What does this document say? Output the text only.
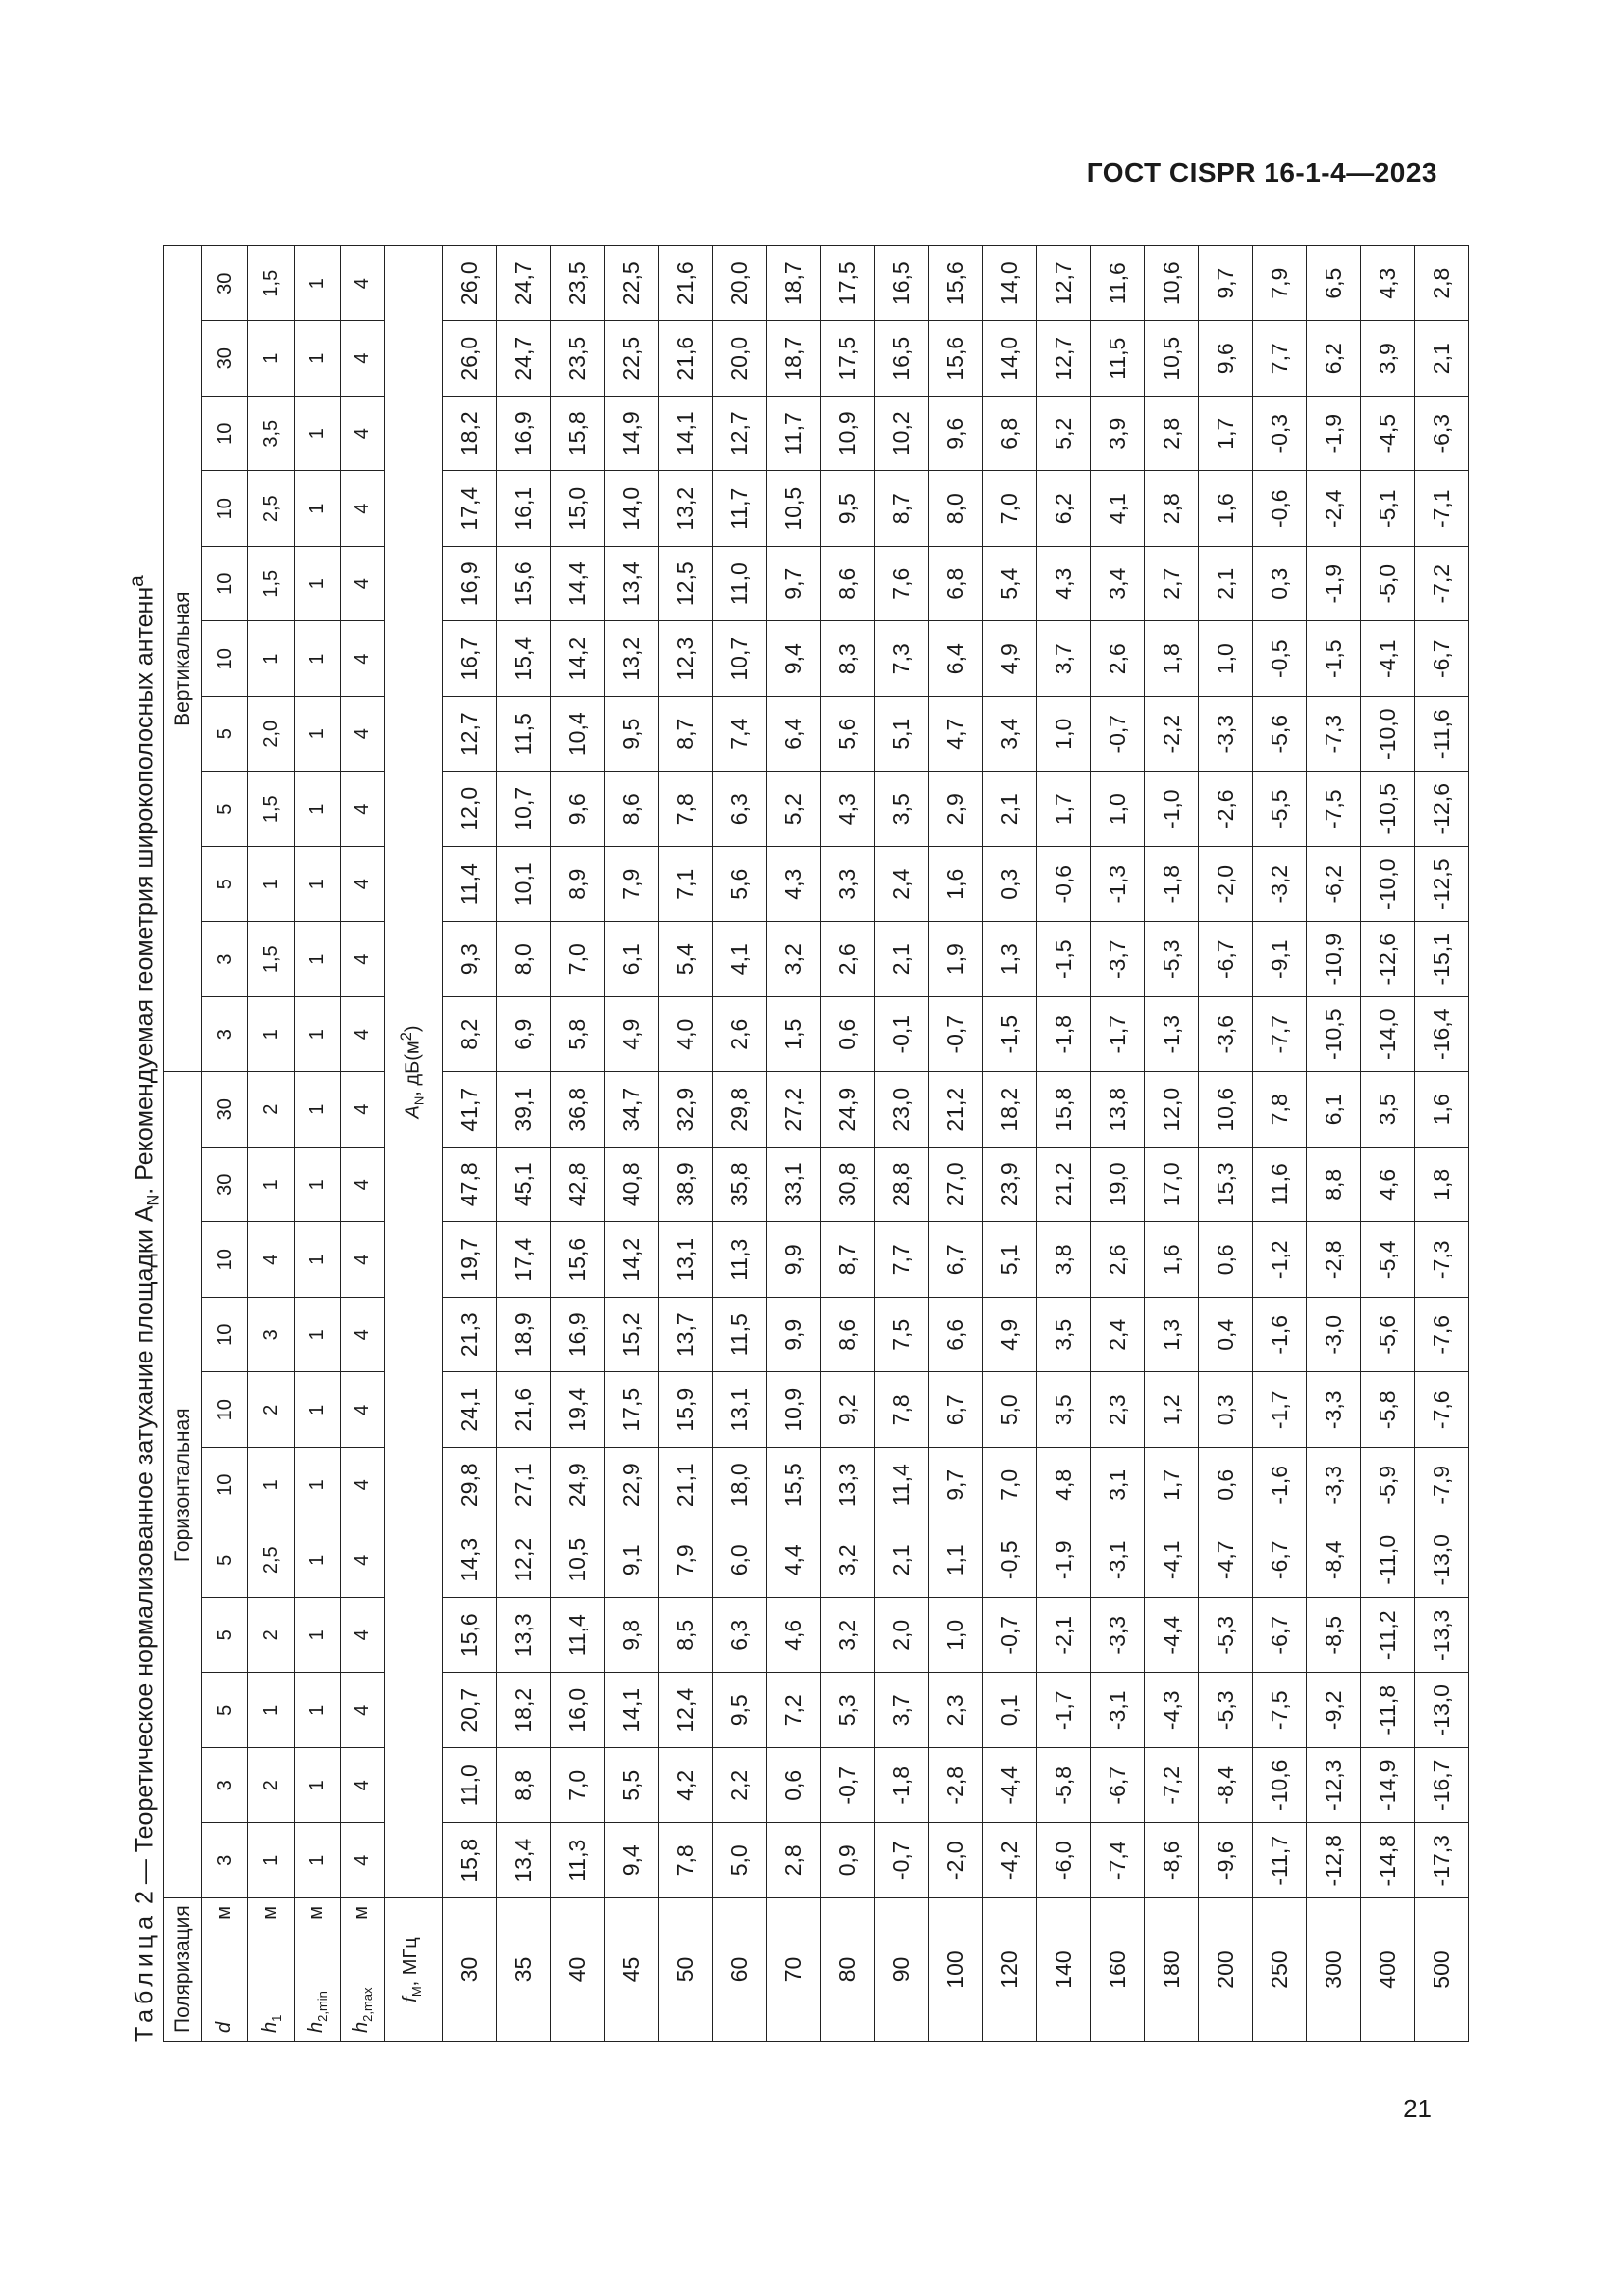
ГОСТ CISPR 16-1-4—2023
Таблица 2 — Теоретическое нормализованное затухание площадки $A_N$. Рекомендуемая геометрия широкополосных антенн$^а$
Поляризация	Горизонтальная											Вертикальная										
d
м	3	3	5	5	5	10	10	10	10	30	30	3	3	5	5	5	10	10	10	10	30	30
$h_1$
м	1	2	1	2	2,5	1	2	3	4	1	2	1	1,5	1	1,5	2,0	1	1,5	2,5	3,5	1	1,5
$h_{2,min}$
м	1	1	1	1	1	1	1	1	1	1	1	1	1	1	1	1	1	1	1	1	1	1
$h_{2,max}$
м	4	4	4	4	4	4	4	4	4	4	4	4	4	4	4	4	4	4	4	4	4	4
$f_M$, МГц	$A_N$, $дБ(м^2)$																					
30	15,8	11,0	20,7	15,6	14,3	29,8	24,1	21,3	19,7	47,8	41,7	8,2	9,3	11,4	12,0	12,7	16,7	16,9	17,4	18,2	26,0	26,0
35	13,4	8,8	18,2	13,3	12,2	27,1	21,6	18,9	17,4	45,1	39,1	6,9	8,0	10,1	10,7	11,5	15,4	15,6	16,1	16,9	24,7	24,7
40	11,3	7,0	16,0	11,4	10,5	24,9	19,4	16,9	15,6	42,8	36,8	5,8	7,0	8,9	9,6	10,4	14,2	14,4	15,0	15,8	23,5	23,5
45	9,4	5,5	14,1	9,8	9,1	22,9	17,5	15,2	14,2	40,8	34,7	4,9	6,1	7,9	8,6	9,5	13,2	13,4	14,0	14,9	22,5	22,5
50	7,8	4,2	12,4	8,5	7,9	21,1	15,9	13,7	13,1	38,9	32,9	4,0	5,4	7,1	7,8	8,7	12,3	12,5	13,2	14,1	21,6	21,6
60	5,0	2,2	9,5	6,3	6,0	18,0	13,1	11,5	11,3	35,8	29,8	2,6	4,1	5,6	6,3	7,4	10,7	11,0	11,7	12,7	20,0	20,0
70	2,8	0,6	7,2	4,6	4,4	15,5	10,9	9,9	9,9	33,1	27,2	1,5	3,2	4,3	5,2	6,4	9,4	9,7	10,5	11,7	18,7	18,7
80	0,9	-0,7	5,3	3,2	3,2	13,3	9,2	8,6	8,7	30,8	24,9	0,6	2,6	3,3	4,3	5,6	8,3	8,6	9,5	10,9	17,5	17,5
90	-0,7	-1,8	3,7	2,0	2,1	11,4	7,8	7,5	7,7	28,8	23,0	-0,1	2,1	2,4	3,5	5,1	7,3	7,6	8,7	10,2	16,5	16,5
100	-2,0	-2,8	2,3	1,0	1,1	9,7	6,7	6,6	6,7	27,0	21,2	-0,7	1,9	1,6	2,9	4,7	6,4	6,8	8,0	9,6	15,6	15,6
120	-4,2	-4,4	0,1	-0,7	-0,5	7,0	5,0	4,9	5,1	23,9	18,2	-1,5	1,3	0,3	2,1	3,4	4,9	5,4	7,0	6,8	14,0	14,0
140	-6,0	-5,8	-1,7	-2,1	-1,9	4,8	3,5	3,5	3,8	21,2	15,8	-1,8	-1,5	-0,6	1,7	1,0	3,7	4,3	6,2	5,2	12,7	12,7
160	-7,4	-6,7	-3,1	-3,3	-3,1	3,1	2,3	2,4	2,6	19,0	13,8	-1,7	-3,7	-1,3	1,0	-0,7	2,6	3,4	4,1	3,9	11,5	11,6
180	-8,6	-7,2	-4,3	-4,4	-4,1	1,7	1,2	1,3	1,6	17,0	12,0	-1,3	-5,3	-1,8	-1,0	-2,2	1,8	2,7	2,8	2,8	10,5	10,6
200	-9,6	-8,4	-5,3	-5,3	-4,7	0,6	0,3	0,4	0,6	15,3	10,6	-3,6	-6,7	-2,0	-2,6	-3,3	1,0	2,1	1,6	1,7	9,6	9,7
250	-11,7	-10,6	-7,5	-6,7	-6,7	-1,6	-1,7	-1,6	-1,2	11,6	7,8	-7,7	-9,1	-3,2	-5,5	-5,6	-0,5	0,3	-0,6	-0,3	7,7	7,9
300	-12,8	-12,3	-9,2	-8,5	-8,4	-3,3	-3,3	-3,0	-2,8	8,8	6,1	-10,5	-10,9	-6,2	-7,5	-7,3	-1,5	-1,9	-2,4	-1,9	6,2	6,5
400	-14,8	-14,9	-11,8	-11,2	-11,0	-5,9	-5,8	-5,6	-5,4	4,6	3,5	-14,0	-12,6	-10,0	-10,5	-10,0	-4,1	-5,0	-5,1	-4,5	3,9	4,3
500	-17,3	-16,7	-13,0	-13,3	-13,0	-7,9	-7,6	-7,6	-7,3	1,8	1,6	-16,4	-15,1	-12,5	-12,6	-11,6	-6,7	-7,2	-7,1	-6,3	2,1	2,8
21
